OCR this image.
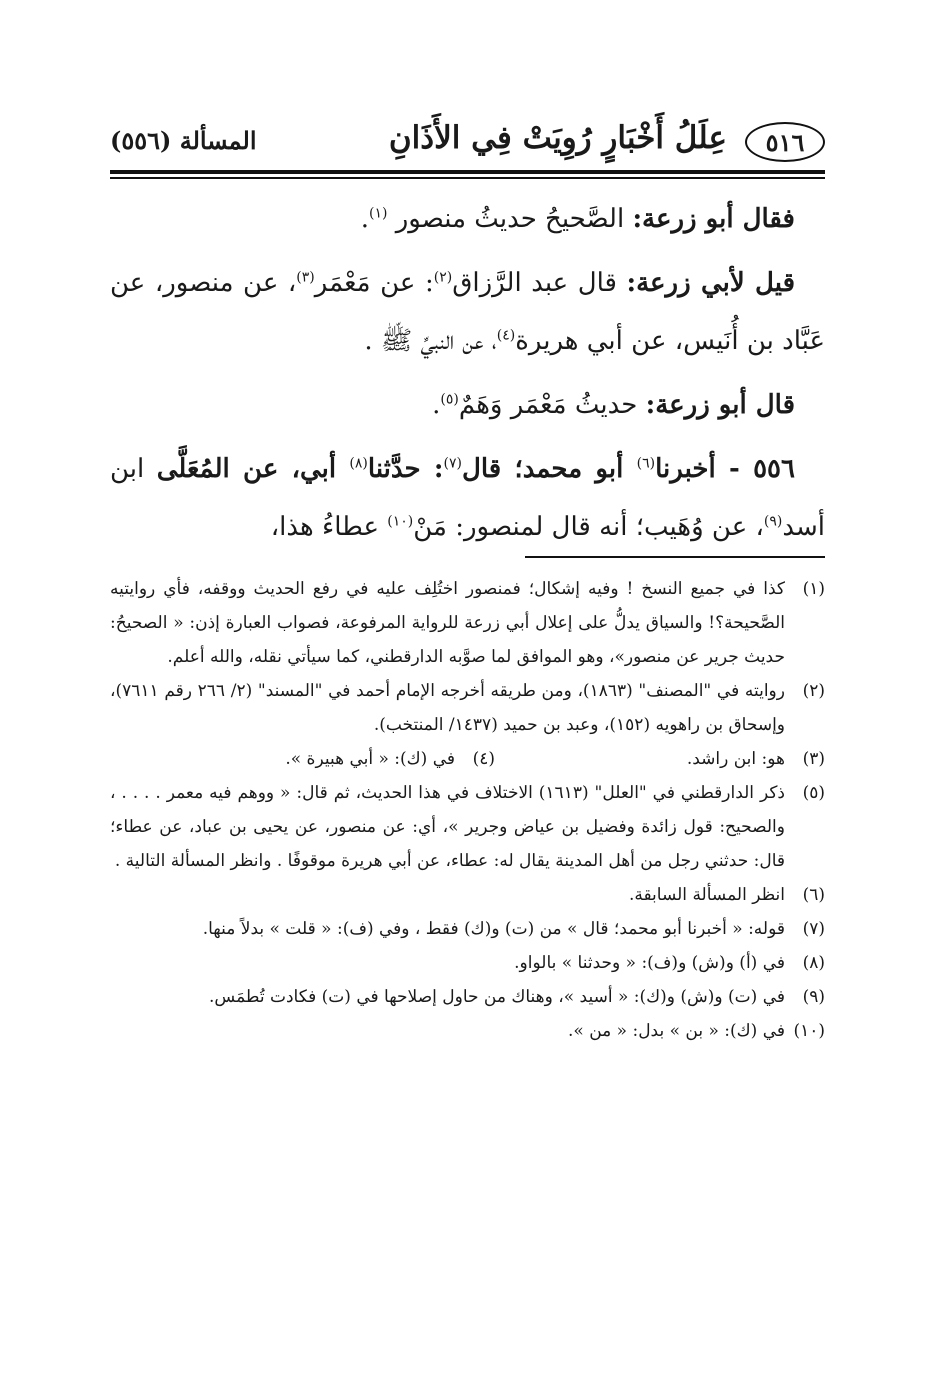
٥١٦
عِلَلُ أَخْبَارٍ رُوِيَتْ فِي الأَذَانِ
المسألة (٥٥٦)

فقال أبو زرعة: الصَّحيحُ حديثُ منصور $^{(١)}$.

قيل لأبي زرعة: قال عبد الرَّزاق$^{(٢)}$: عن مَعْمَر$^{(٣)}$، عن منصور، عن عَبَّاد بن أُنَيس، عن أبي هريرة$^{(٤)}$، عن النبيِّ ﷺ .

قال أبو زرعة: حديثُ مَعْمَر وَهَمٌ$^{(٥)}$.

٥٥٦ - أخبرنا$^{(٦)}$ أبو محمد؛ قال$^{(٧)}$: حدَّثنا$^{(٨)}$ أبي، عن المُعَلَّى ابن أسد$^{(٩)}$، عن وُهَيب؛ أنه قال لمنصور: مَنْ$^{(١٠)}$ عطاءُ هذا،

(١)
كذا في جميع النسخ ! وفيه إشكال؛ فمنصور اختُلِف عليه في رفع الحديث ووقفه، فأي روايتيه الصَّحيحة؟! والسياق يدلُّ على إعلال أبي زرعة للرواية المرفوعة، فصواب العبارة إذن: « الصحيحُ: حديث جرير عن منصور»، وهو الموافق لما صوَّبه الدارقطني، كما سيأتي نقله، والله أعلم.
(٢)
روايته في "المصنف" (١٨٦٣)، ومن طريقه أخرجه الإمام أحمد في "المسند" (٢/ ٢٦٦ رقم ٧٦١١)، وإسحاق بن راهويه (١٥٢)، وعبد بن حميد (١٤٣٧/ المنتخب).
(٣)
هو: ابن راشد.
(٤)
في (ك): « أبي هبيرة ».
(٥)
ذكر الدارقطني في "العلل" (١٦١٣) الاختلاف في هذا الحديث، ثم قال: « ووهم فيه معمر . . . . ، والصحيح: قول زائدة وفضيل بن عياض وجرير »، أي: عن منصور، عن يحيى بن عباد، عن عطاء؛ قال: حدثني رجل من أهل المدينة يقال له: عطاء، عن أبي هريرة موقوفًا . وانظر المسألة التالية .
(٦)
انظر المسألة السابقة.
(٧)
قوله: « أخبرنا أبو محمد؛ قال » من (ت) و(ك) فقط ، وفي (ف): « قلت » بدلاً منها.
(٨)
في (أ) و(ش) و(ف): « وحدثنا » بالواو.
(٩)
في (ت) و(ش) و(ك): « أسيد »، وهناك من حاول إصلاحها في (ت) فكادت تُطمَس.
(١٠)
في (ك): « بن » بدل: « من ».
